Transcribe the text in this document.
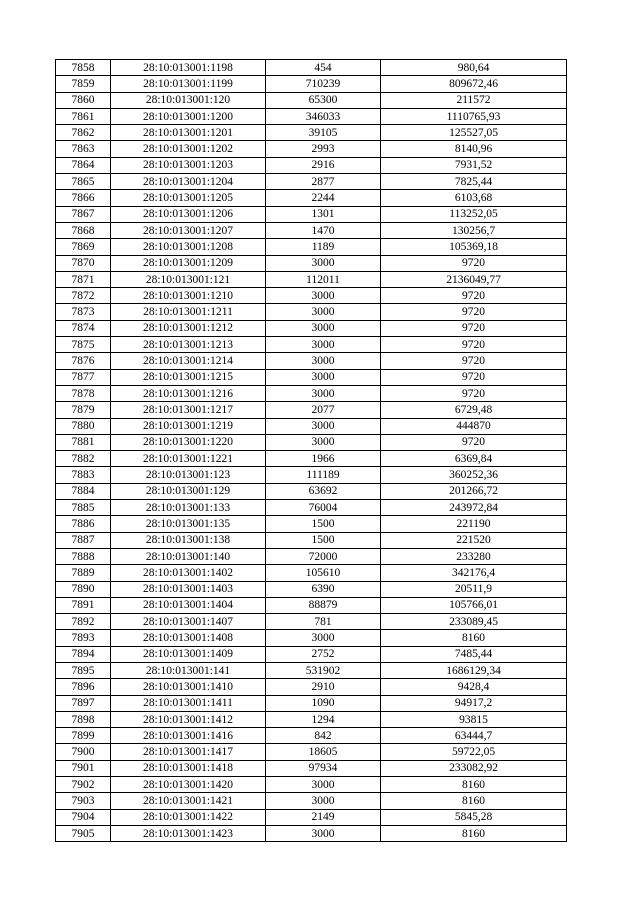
7858	28:10:013001:1198	454	980,64
7859	28:10:013001:1199	710239	809672,46
7860	28:10:013001:120	65300	211572
7861	28:10:013001:1200	346033	1110765,93
7862	28:10:013001:1201	39105	125527,05
7863	28:10:013001:1202	2993	8140,96
7864	28:10:013001:1203	2916	7931,52
7865	28:10:013001:1204	2877	7825,44
7866	28:10:013001:1205	2244	6103,68
7867	28:10:013001:1206	1301	113252,05
7868	28:10:013001:1207	1470	130256,7
7869	28:10:013001:1208	1189	105369,18
7870	28:10:013001:1209	3000	9720
7871	28:10:013001:121	112011	2136049,77
7872	28:10:013001:1210	3000	9720
7873	28:10:013001:1211	3000	9720
7874	28:10:013001:1212	3000	9720
7875	28:10:013001:1213	3000	9720
7876	28:10:013001:1214	3000	9720
7877	28:10:013001:1215	3000	9720
7878	28:10:013001:1216	3000	9720
7879	28:10:013001:1217	2077	6729,48
7880	28:10:013001:1219	3000	444870
7881	28:10:013001:1220	3000	9720
7882	28:10:013001:1221	1966	6369,84
7883	28:10:013001:123	111189	360252,36
7884	28:10:013001:129	63692	201266,72
7885	28:10:013001:133	76004	243972,84
7886	28:10:013001:135	1500	221190
7887	28:10:013001:138	1500	221520
7888	28:10:013001:140	72000	233280
7889	28:10:013001:1402	105610	342176,4
7890	28:10:013001:1403	6390	20511,9
7891	28:10:013001:1404	88879	105766,01
7892	28:10:013001:1407	781	233089,45
7893	28:10:013001:1408	3000	8160
7894	28:10:013001:1409	2752	7485,44
7895	28:10:013001:141	531902	1686129,34
7896	28:10:013001:1410	2910	9428,4
7897	28:10:013001:1411	1090	94917,2
7898	28:10:013001:1412	1294	93815
7899	28:10:013001:1416	842	63444,7
7900	28:10:013001:1417	18605	59722,05
7901	28:10:013001:1418	97934	233082,92
7902	28:10:013001:1420	3000	8160
7903	28:10:013001:1421	3000	8160
7904	28:10:013001:1422	2149	5845,28
7905	28:10:013001:1423	3000	8160
